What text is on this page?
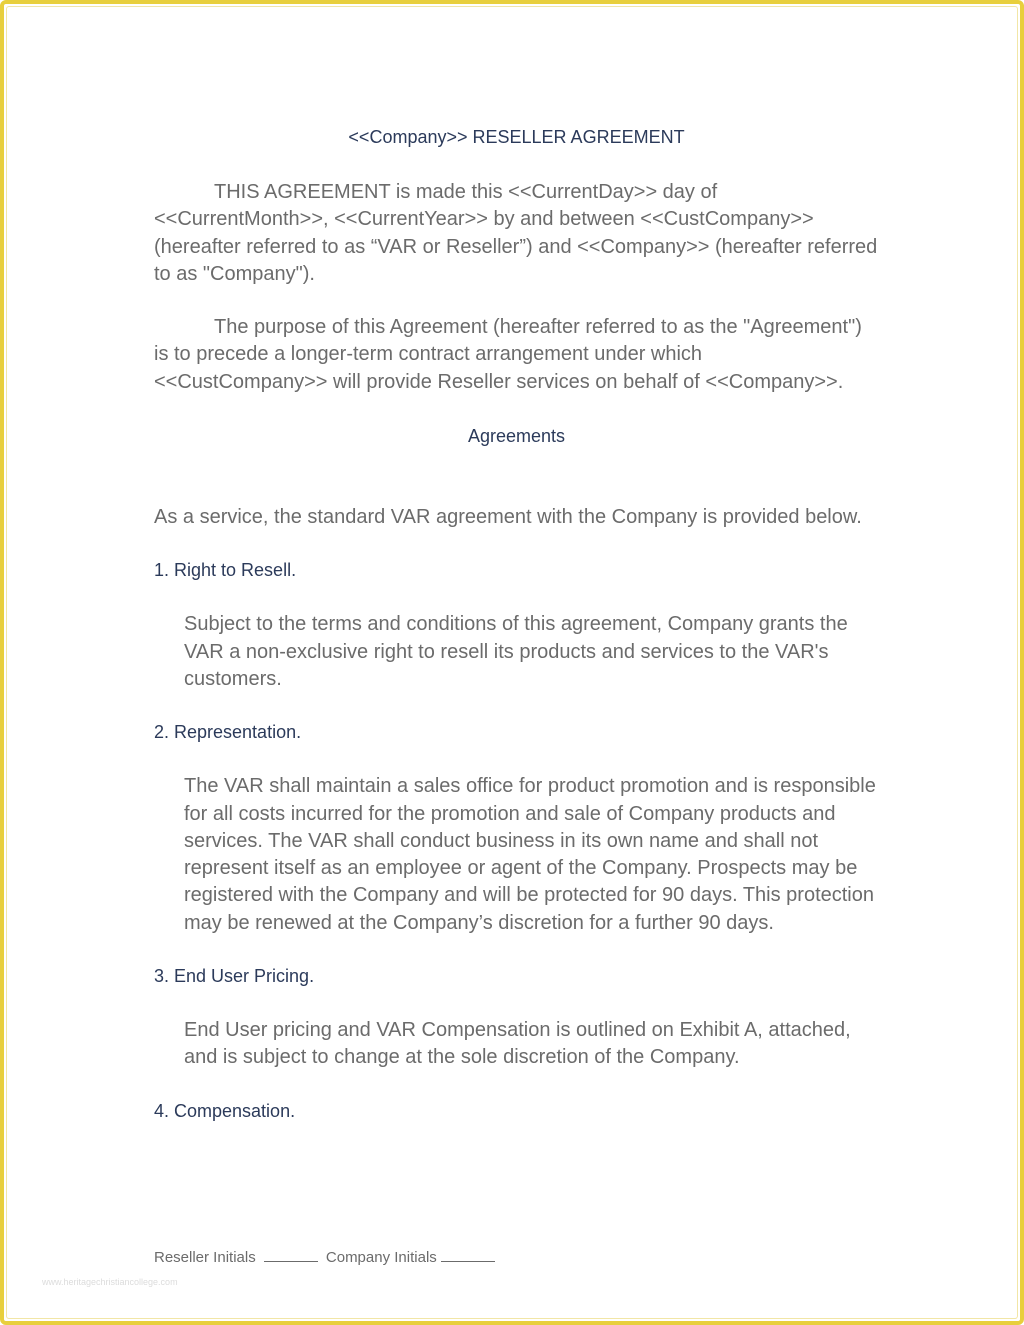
<<Company>> RESELLER AGREEMENT

THIS AGREEMENT is made this <<CurrentDay>> day of <<CurrentMonth>>, <<CurrentYear>> by and between <<CustCompany>> (hereafter referred to as “VAR or Reseller”) and <<Company>> (hereafter referred to as "Company").

The purpose of this Agreement (hereafter referred to as the "Agreement") is to precede a longer-term contract arrangement under which <<CustCompany>> will provide Reseller services on behalf of <<Company>>.

Agreements

As a service, the standard VAR agreement with the Company is provided below.

1. Right to Resell.

Subject to the terms and conditions of this agreement, Company grants the VAR a non-exclusive right to resell its products and services to the VAR's customers.

2. Representation.

The VAR shall maintain a sales office for product promotion and is responsible for all costs incurred for the promotion and sale of Company products and services. The VAR shall conduct business in its own name and shall not represent itself as an employee or agent of the Company. Prospects may be registered with the Company and will be protected for 90 days. This protection may be renewed at the Company’s discretion for a further 90 days.

3. End User Pricing.

End User pricing and VAR Compensation is outlined on Exhibit A, attached, and is subject to change at the sole discretion of the Company.

4. Compensation.

Reseller Initials	Company Initials
www.heritagechristiancollege.com
